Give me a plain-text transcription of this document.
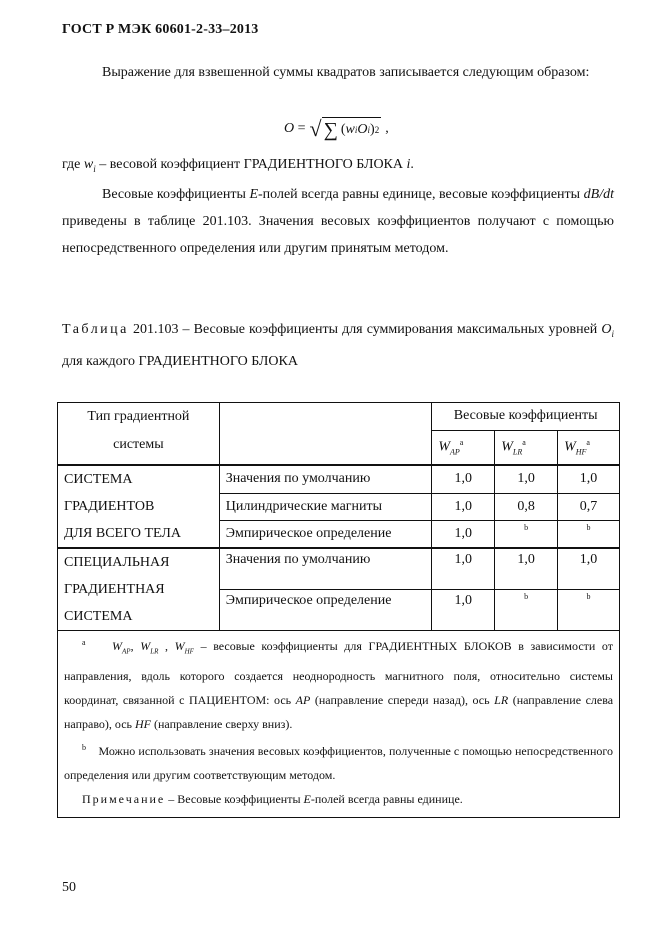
ГОСТ Р МЭК 60601-2-33–2013
Выражение для взвешенной суммы квадратов записывается следующим образом:
O
= √ ∑ ( w i O i ) 2 ,
где $w_i$ – весовой коэффициент ГРАДИЕНТНОГО БЛОКА i.
Весовые коэффициенты E-полей всегда равны единице, весовые коэффициенты dB/dt приведены в таблице 201.103. Значения весовых коэффициентов получают с помощью непосредственного определения или другим принятым методом.
Таблица 201.103 – Весовые коэффициенты для суммирования максимальных уровней $O_i$ для каждого ГРАДИЕНТНОГО БЛОКА
Тип градиентной
системы		Весовые коэффициенты		
		$W_{AP}^a$	$W_{LR}^a$	$W_{HF}^a$
СИСТЕМА
ГРАДИЕНТОВ
ДЛЯ ВСЕГО ТЕЛА	Значения по умолчанию	1,0	1,0	1,0
	Цилиндрические магниты	1,0	0,8	0,7
	Эмпирическое определение	1,0	b	b
СПЕЦИАЛЬНАЯ
ГРАДИЕНТНАЯ
СИСТЕМА	Значения по умолчанию	1,0	1,0	1,0
	Эмпирическое определение	1,0	b	b

$^a$ $W_{AP}$, $W_{LR}$ , $W_{HF}$ – весовые коэффициенты для ГРАДИЕНТНЫХ БЛОКОВ в зависимости от направления, вдоль которого создается неоднородность магнитного поля, относительно системы координат, связанной с ПАЦИЕНТОМ: ось AP (направление спереди назад), ось LR (направление слева направо), ось HF (направление сверху вниз).
$^b$ Можно использовать значения весовых коэффициентов, полученные с помощью непосредственного определения или другим соответствующим методом.
Примечание – Весовые коэффициенты E-полей всегда равны единице.				
50
